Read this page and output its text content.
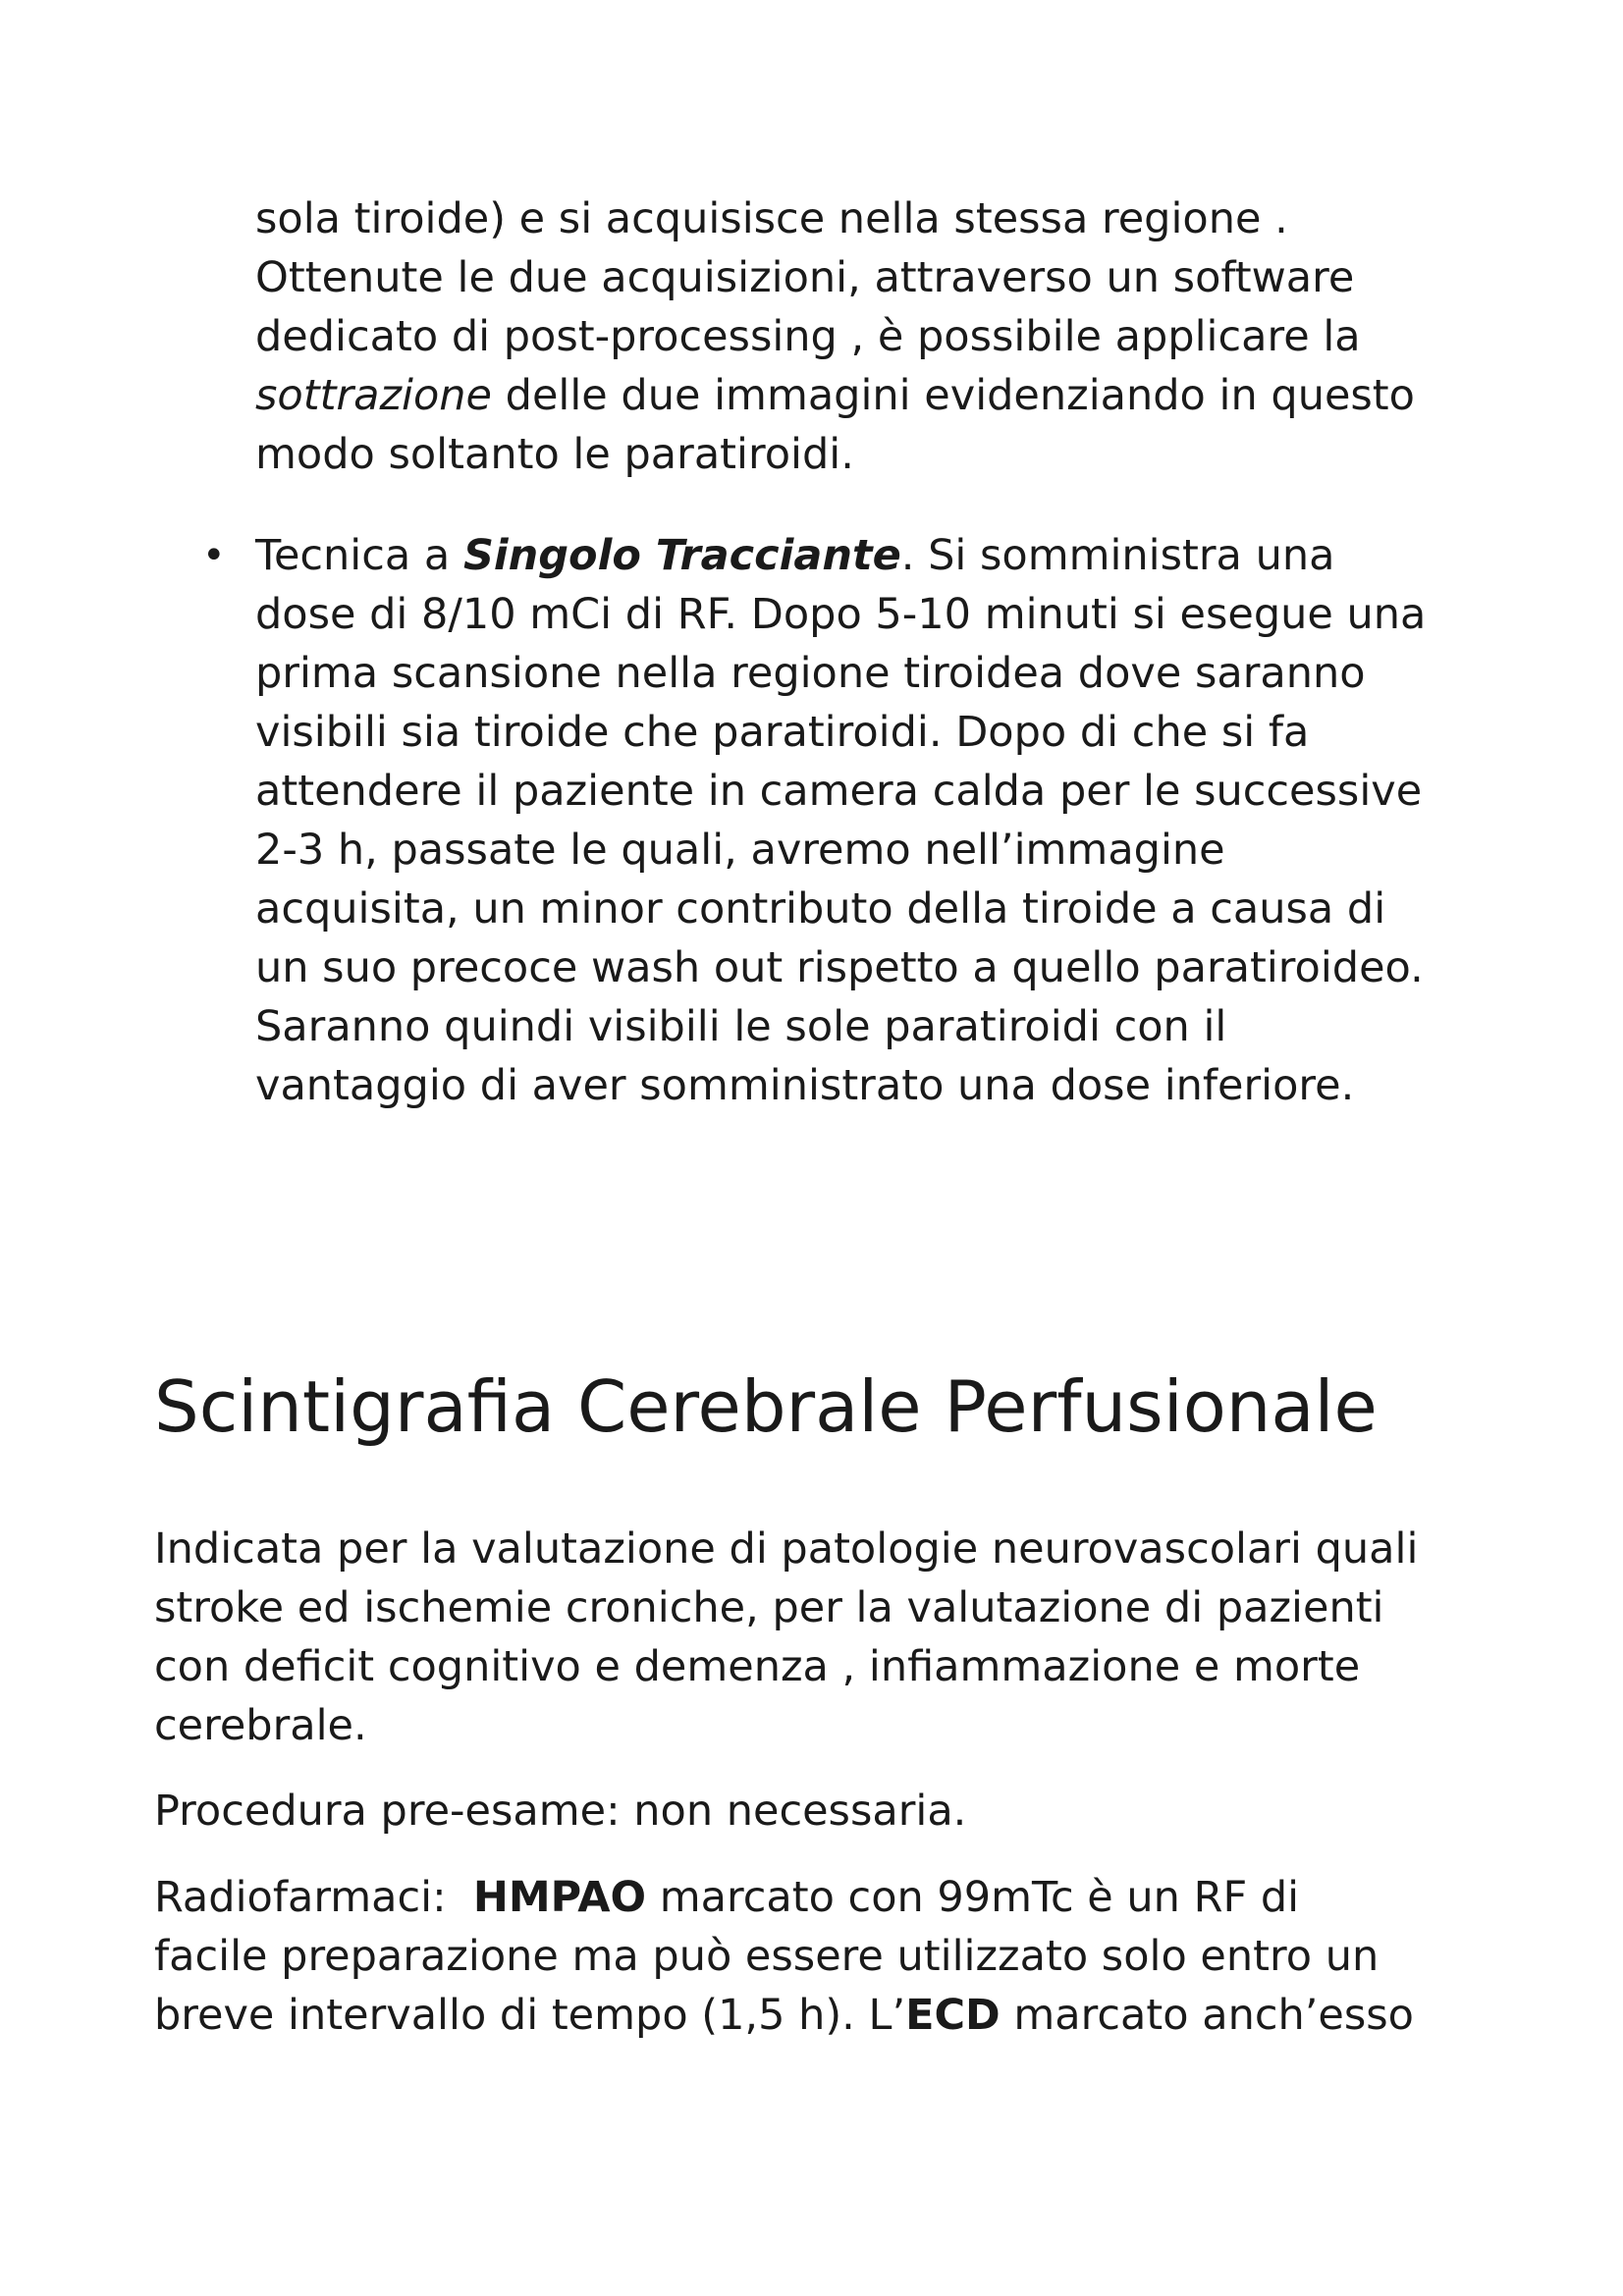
sola tiroide) e si acquisisce nella stessa regione .
Ottenute le due acquisizioni, attraverso un software
dedicato di post-processing , è possibile applicare la
sottrazione delle due immagini evidenziando in questo
modo soltanto le paratiroidi.
• Tecnica a Singolo Tracciante. Si somministra una
dose di 8/10 mCi di RF. Dopo 5-10 minuti si esegue una
prima scansione nella regione tiroidea dove saranno
visibili sia tiroide che paratiroidi. Dopo di che si fa
attendere il paziente in camera calda per le successive
2-3 h, passate le quali, avremo nell’immagine
acquisita, un minor contributo della tiroide a causa di
un suo precoce wash out rispetto a quello paratiroideo.
Saranno quindi visibili le sole paratiroidi con il
vantaggio di aver somministrato una dose inferiore.
Scintigrafia Cerebrale Perfusionale
Indicata per la valutazione di patologie neurovascolari quali
stroke ed ischemie croniche, per la valutazione di pazienti
con deficit cognitivo e demenza , infiammazione e morte
cerebrale.
Procedura pre-esame: non necessaria.
Radiofarmaci:  HMPAO marcato con 99mTc è un RF di
facile preparazione ma può essere utilizzato solo entro un
breve intervallo di tempo (1,5 h). L’ECD marcato anch’esso
